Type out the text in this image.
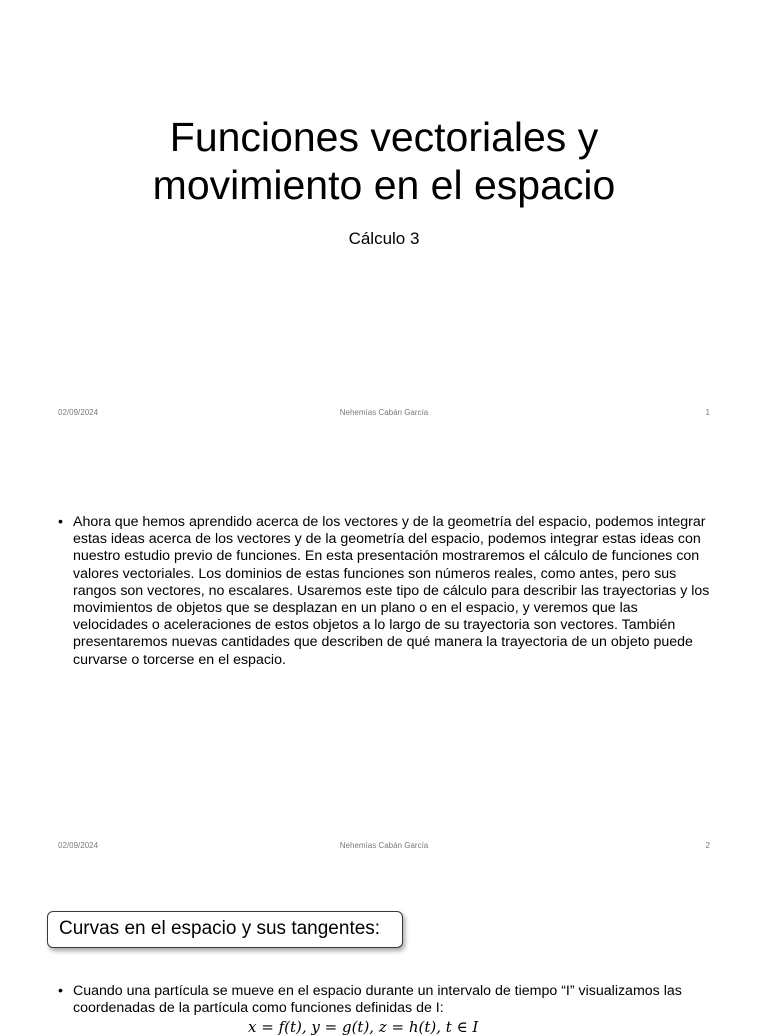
Funciones vectoriales y
movimiento en el espacio
Cálculo 3
02/09/2024	Nehemías Cabán García	1
• Ahora que hemos aprendido acerca de los vectores y de la geometría del espacio, podemos integrar estas ideas acerca de los vectores y de la geometría del espacio, podemos integrar estas ideas con nuestro estudio previo de funciones. En esta presentación mostraremos el cálculo de funciones con valores vectoriales. Los dominios de estas funciones son números reales, como antes, pero sus rangos son vectores, no escalares. Usaremos este tipo de cálculo para describir las trayectorias y los movimientos de objetos que se desplazan en un plano o en el espacio, y veremos que las velocidades o aceleraciones de estos objetos a lo largo de su trayectoria son vectores. También presentaremos nuevas cantidades que describen de qué manera la trayectoria de un objeto puede curvarse o torcerse en el espacio.
02/09/2024	Nehemías Cabán García	2
Curvas en el espacio y sus tangentes:
• Cuando una partícula se mueve en el espacio durante un intervalo de tiempo “I” visualizamos las coordenadas de la partícula como funciones definidas de I:
x = f(t), y = g(t), z = h(t), t ∈ I
